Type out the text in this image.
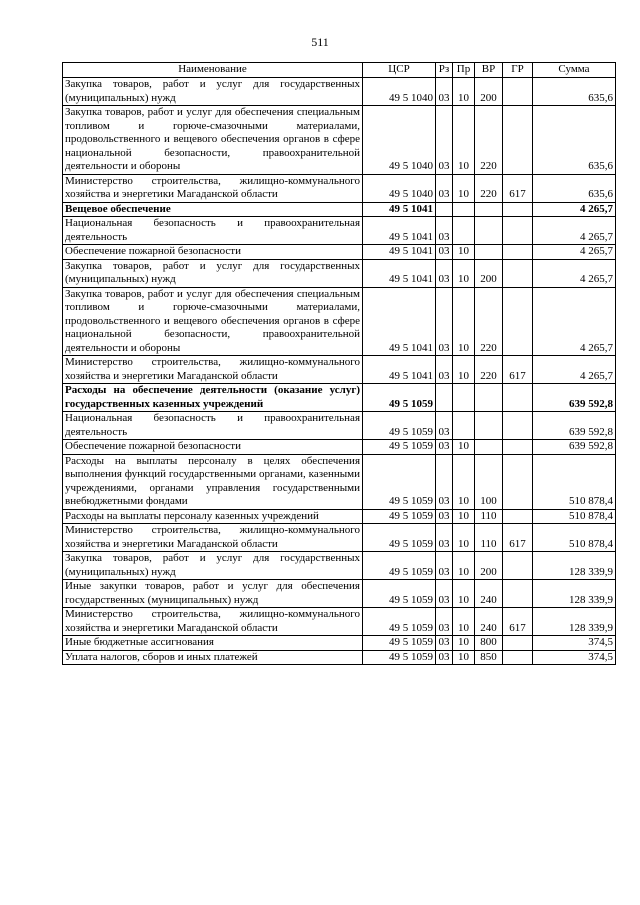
511
Наименование	ЦСР	Рз	Пр	ВР	ГР	Сумма
Закупка товаров, работ и услуг для государственных (муниципальных) нужд	49 5 1040	03	10	200		635,6
Закупка товаров, работ и услуг для обеспечения специальным топливом и горюче-смазочными материалами, продовольственного и вещевого обеспечения органов в сфере национальной безопасности, правоохранительной деятельности и обороны	49 5 1040	03	10	220		635,6
Министерство строительства, жилищно-коммунального хозяйства и энергетики Магаданской области	49 5 1040	03	10	220	617	635,6
Вещевое обеспечение	49 5 1041					4 265,7
Национальная безопасность и правоохранительная деятельность	49 5 1041	03				4 265,7
Обеспечение пожарной безопасности	49 5 1041	03	10			4 265,7
Закупка товаров, работ и услуг для государственных (муниципальных) нужд	49 5 1041	03	10	200		4 265,7
Закупка товаров, работ и услуг для обеспечения специальным топливом и горюче-смазочными материалами, продовольственного и вещевого обеспечения органов в сфере национальной безопасности, правоохранительной деятельности и обороны	49 5 1041	03	10	220		4 265,7
Министерство строительства, жилищно-коммунального хозяйства и энергетики Магаданской области	49 5 1041	03	10	220	617	4 265,7
Расходы на обеспечение деятельности (оказание услуг) государственных казенных учреждений	49 5 1059					639 592,8
Национальная безопасность и правоохранительная деятельность	49 5 1059	03				639 592,8
Обеспечение пожарной безопасности	49 5 1059	03	10			639 592,8
Расходы на выплаты персоналу в целях обеспечения выполнения функций государственными органами, казенными учреждениями, органами управления государственными внебюджетными фондами	49 5 1059	03	10	100		510 878,4
Расходы на выплаты персоналу казенных учреждений	49 5 1059	03	10	110		510 878,4
Министерство строительства, жилищно-коммунального хозяйства и энергетики Магаданской области	49 5 1059	03	10	110	617	510 878,4
Закупка товаров, работ и услуг для государственных (муниципальных) нужд	49 5 1059	03	10	200		128 339,9
Иные закупки товаров, работ и услуг для обеспечения государственных (муниципальных) нужд	49 5 1059	03	10	240		128 339,9
Министерство строительства, жилищно-коммунального хозяйства и энергетики Магаданской области	49 5 1059	03	10	240	617	128 339,9
Иные бюджетные ассигнования	49 5 1059	03	10	800		374,5
Уплата налогов, сборов и иных платежей	49 5 1059	03	10	850		374,5
